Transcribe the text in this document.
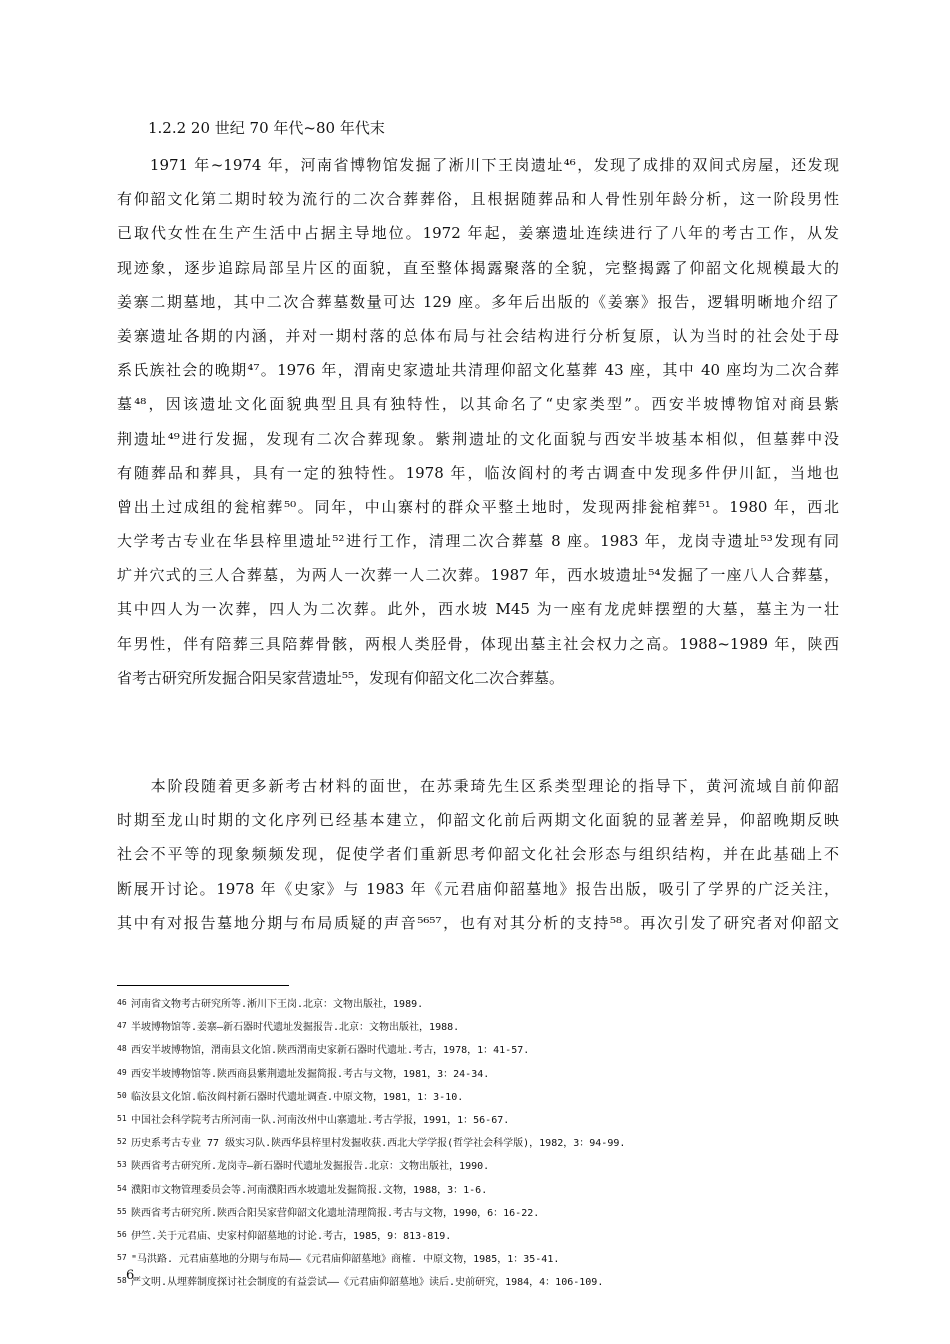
1.2.2 20 世纪 70 年代~80 年代末
　　1971 年~1974 年，河南省博物馆发掘了淅川下王岗遗址⁴⁶，发现了成排的双间式房屋，还发现
有仰韶文化第二期时较为流行的二次合葬葬俗，且根据随葬品和人骨性别年龄分析，这一阶段男性
已取代女性在生产生活中占据主导地位。1972 年起，姜寨遗址连续进行了八年的考古工作，从发
现迹象，逐步追踪局部呈片区的面貌，直至整体揭露聚落的全貌，完整揭露了仰韶文化规模最大的
姜寨二期墓地，其中二次合葬墓数量可达 129 座。多年后出版的《姜寨》报告，逻辑明晰地介绍了
姜寨遗址各期的内涵，并对一期村落的总体布局与社会结构进行分析复原，认为当时的社会处于母
系氏族社会的晚期⁴⁷。1976 年，渭南史家遗址共清理仰韶文化墓葬 43 座，其中 40 座均为二次合葬
墓⁴⁸，因该遗址文化面貌典型且具有独特性，以其命名了“史家类型”。西安半坡博物馆对商县紫
荆遗址⁴⁹进行发掘，发现有二次合葬现象。紫荆遗址的文化面貌与西安半坡基本相似，但墓葬中没
有随葬品和葬具，具有一定的独特性。1978 年，临汝阎村的考古调查中发现多件伊川缸，当地也
曾出土过成组的瓮棺葬⁵⁰。同年，中山寨村的群众平整土地时，发现两排瓮棺葬⁵¹。1980 年，西北
大学考古专业在华县梓里遗址⁵²进行工作，清理二次合葬墓 8 座。1983 年，龙岗寺遗址⁵³发现有同
圹并穴式的三人合葬墓，为两人一次葬一人二次葬。1987 年，西水坡遗址⁵⁴发掘了一座八人合葬墓，
其中四人为一次葬，四人为二次葬。此外，西水坡 M45 为一座有龙虎蚌摆塑的大墓，墓主为一壮
年男性，伴有陪葬三具陪葬骨骸，两根人类胫骨，体现出墓主社会权力之高。1988~1989 年，陕西
省考古研究所发掘合阳吴家营遗址⁵⁵，发现有仰韶文化二次合葬墓。
　　本阶段随着更多新考古材料的面世，在苏秉琦先生区系类型理论的指导下，黄河流域自前仰韶
时期至龙山时期的文化序列已经基本建立，仰韶文化前后两期文化面貌的显著差异，仰韶晚期反映
社会不平等的现象频频发现，促使学者们重新思考仰韶文化社会形态与组织结构，并在此基础上不
断展开讨论。1978 年《史家》与 1983 年《元君庙仰韶墓地》报告出版，吸引了学界的广泛关注，
其中有对报告墓地分期与布局质疑的声音⁵⁶⁵⁷，也有对其分析的支持⁵⁸。再次引发了研究者对仰韶文
46 河南省文物考古研究所等.淅川下王岗.北京：文物出版社，1989.
47 半坡博物馆等.姜寨—新石器时代遗址发掘报告.北京：文物出版社，1988.
48 西安半坡博物馆，渭南县文化馆.陕西渭南史家新石器时代遗址.考古，1978，1：41-57.
49 西安半坡博物馆等.陕西商县紫荆遗址发掘简报.考古与文物，1981，3：24-34.
50 临汝县文化馆.临汝阎村新石器时代遗址调查.中原文物，1981，1：3-10.
51 中国社会科学院考古所河南一队.河南汝州中山寨遗址.考古学报，1991，1：56-67.
52 历史系考古专业 77 级实习队.陕西华县梓里村发掘收获.西北大学学报(哲学社会科学版)，1982，3：94-99.
53 陕西省考古研究所.龙岗寺—新石器时代遗址发掘报告.北京：文物出版社，1990.
54 濮阳市文物管理委员会等.河南濮阳西水坡遗址发掘简报.文物，1988，3：1-6.
55 陕西省考古研究所.陕西合阳吴家营仰韶文化遗址清理简报.考古与文物，1990，6：16-22.
56 伊竺.关于元君庙、史家村仰韶墓地的讨论.考古，1985，9：813-819.
57 "马洪路. 元君庙墓地的分期与布局——《元君庙仰韶墓地》商榷. 中原文物，1985，1：35-41.
58 严文明.从埋葬制度探讨社会制度的有益尝试——《元君庙仰韶墓地》读后.史前研究，1984，4：106-109.
6
